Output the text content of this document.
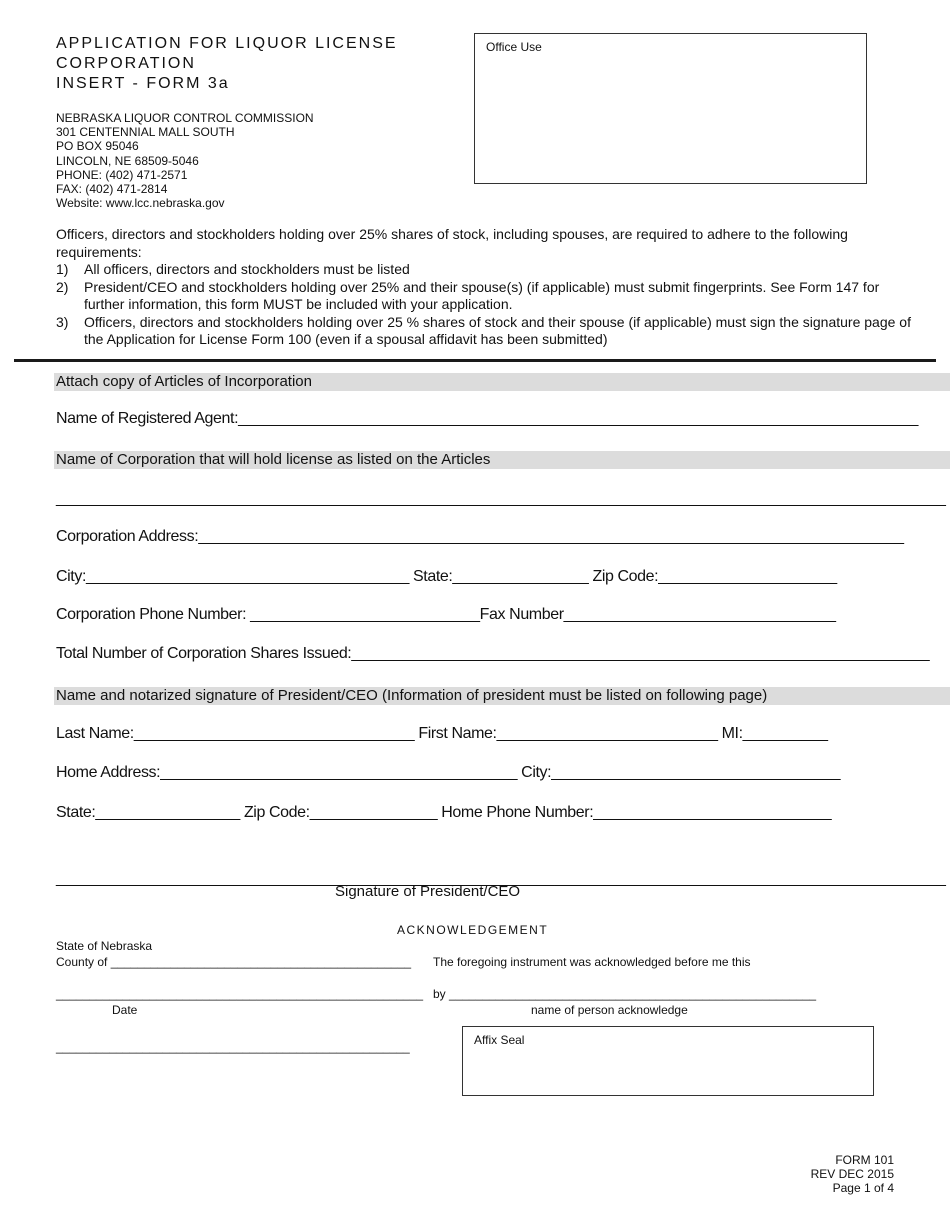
APPLICATION FOR LIQUOR LICENSE
CORPORATION
INSERT - FORM 3a
NEBRASKA LIQUOR CONTROL COMMISSION
301 CENTENNIAL MALL SOUTH
PO BOX 95046
LINCOLN, NE 68509-5046
PHONE: (402) 471-2571
FAX: (402) 471-2814
Website: www.lcc.nebraska.gov
Office Use

Officers, directors and stockholders holding over 25% shares of stock, including spouses, are required to adhere to the following requirements:

1) All officers, directors and stockholders must be listed
2) President/CEO and stockholders holding over 25% and their spouse(s) (if applicable) must submit fingerprints. See Form 147 for further information, this form MUST be included with your application.
3) Officers, directors and stockholders holding over 25 % shares of stock and their spouse (if applicable) must sign the signature page of the Application for License Form 100 (even if a spousal affidavit has been submitted)
Attach copy of Articles of Incorporation
Name of Registered Agent:________________________________________________________________________________
Name of Corporation that will hold license as listed on the Articles
____________________________________________________________________________________________________
Corporation Address:___________________________________________________________________________________
City:______________________________________ State:________________ Zip Code:_____________________
Corporation Phone Number: ___________________________Fax Number________________________________
Total Number of Corporation Shares Issued:____________________________________________________________________
Name and notarized signature of President/CEO (Information of president must be listed on following page)
Last Name:_________________________________ First Name:__________________________ MI:__________
Home Address:__________________________________________ City:__________________________________
State:_________________ Zip Code:_______________ Home Phone Number:____________________________
____________________________________________________________________________________________________
Signature of President/CEO
ACKNOWLEDGEMENT
State of Nebraska
County of _____________________________________________ The foregoing instrument was acknowledged before me this
_______________________________________________________ by _______________________________________________________
Date	name of person acknowledge
_____________________________________________________	Affix Seal
FORM 101
REV DEC 2015
Page 1 of 4
